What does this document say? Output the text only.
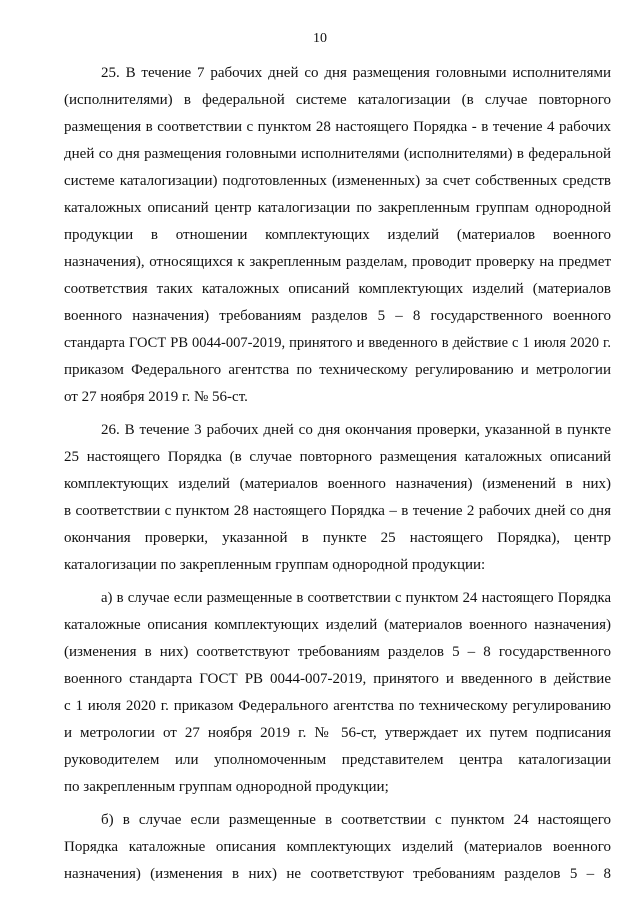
10
25. В течение 7 рабочих дней со дня размещения головными исполнителями
(исполнителями) в федеральной системе каталогизации (в случае повторного
размещения в соответствии с пунктом 28 настоящего Порядка - в течение 4 рабочих
дней со дня размещения головными исполнителями (исполнителями) в федеральной
системе каталогизации) подготовленных (измененных) за счет собственных средств
каталожных описаний центр каталогизации по закрепленным группам однородной
продукции в отношении комплектующих изделий (материалов военного
назначения), относящихся к закрепленным разделам, проводит проверку на предмет
соответствия таких каталожных описаний комплектующих изделий (материалов
военного назначения) требованиям разделов 5 – 8 государственного военного
стандарта ГОСТ РВ 0044-007-2019, принятого и введенного в действие с 1 июля 2020 г.
приказом Федерального агентства по техническому регулированию и метрологии
от 27 ноября 2019 г. № 56-ст.
26. В течение 3 рабочих дней со дня окончания проверки, указанной в пункте
25 настоящего Порядка (в случае повторного размещения каталожных описаний
комплектующих изделий (материалов военного назначения) (изменений в них)
в соответствии с пунктом 28 настоящего Порядка – в течение 2 рабочих дней со дня
окончания проверки, указанной в пункте 25 настоящего Порядка), центр
каталогизации по закрепленным группам однородной продукции:
а) в случае если размещенные в соответствии с пунктом 24 настоящего Порядка
каталожные описания комплектующих изделий (материалов военного назначения)
(изменения в них) соответствуют требованиям разделов 5 – 8 государственного
военного стандарта ГОСТ РВ 0044-007-2019, принятого и введенного в действие
с 1 июля 2020 г. приказом Федерального агентства по техническому регулированию
и метрологии от 27 ноября 2019 г. № 56-ст, утверждает их путем подписания
руководителем или уполномоченным представителем центра каталогизации
по закрепленным группам однородной продукции;
б) в случае если размещенные в соответствии с пунктом 24 настоящего
Порядка каталожные описания комплектующих изделий (материалов военного
назначения) (изменения в них) не соответствуют требованиям разделов 5 – 8
